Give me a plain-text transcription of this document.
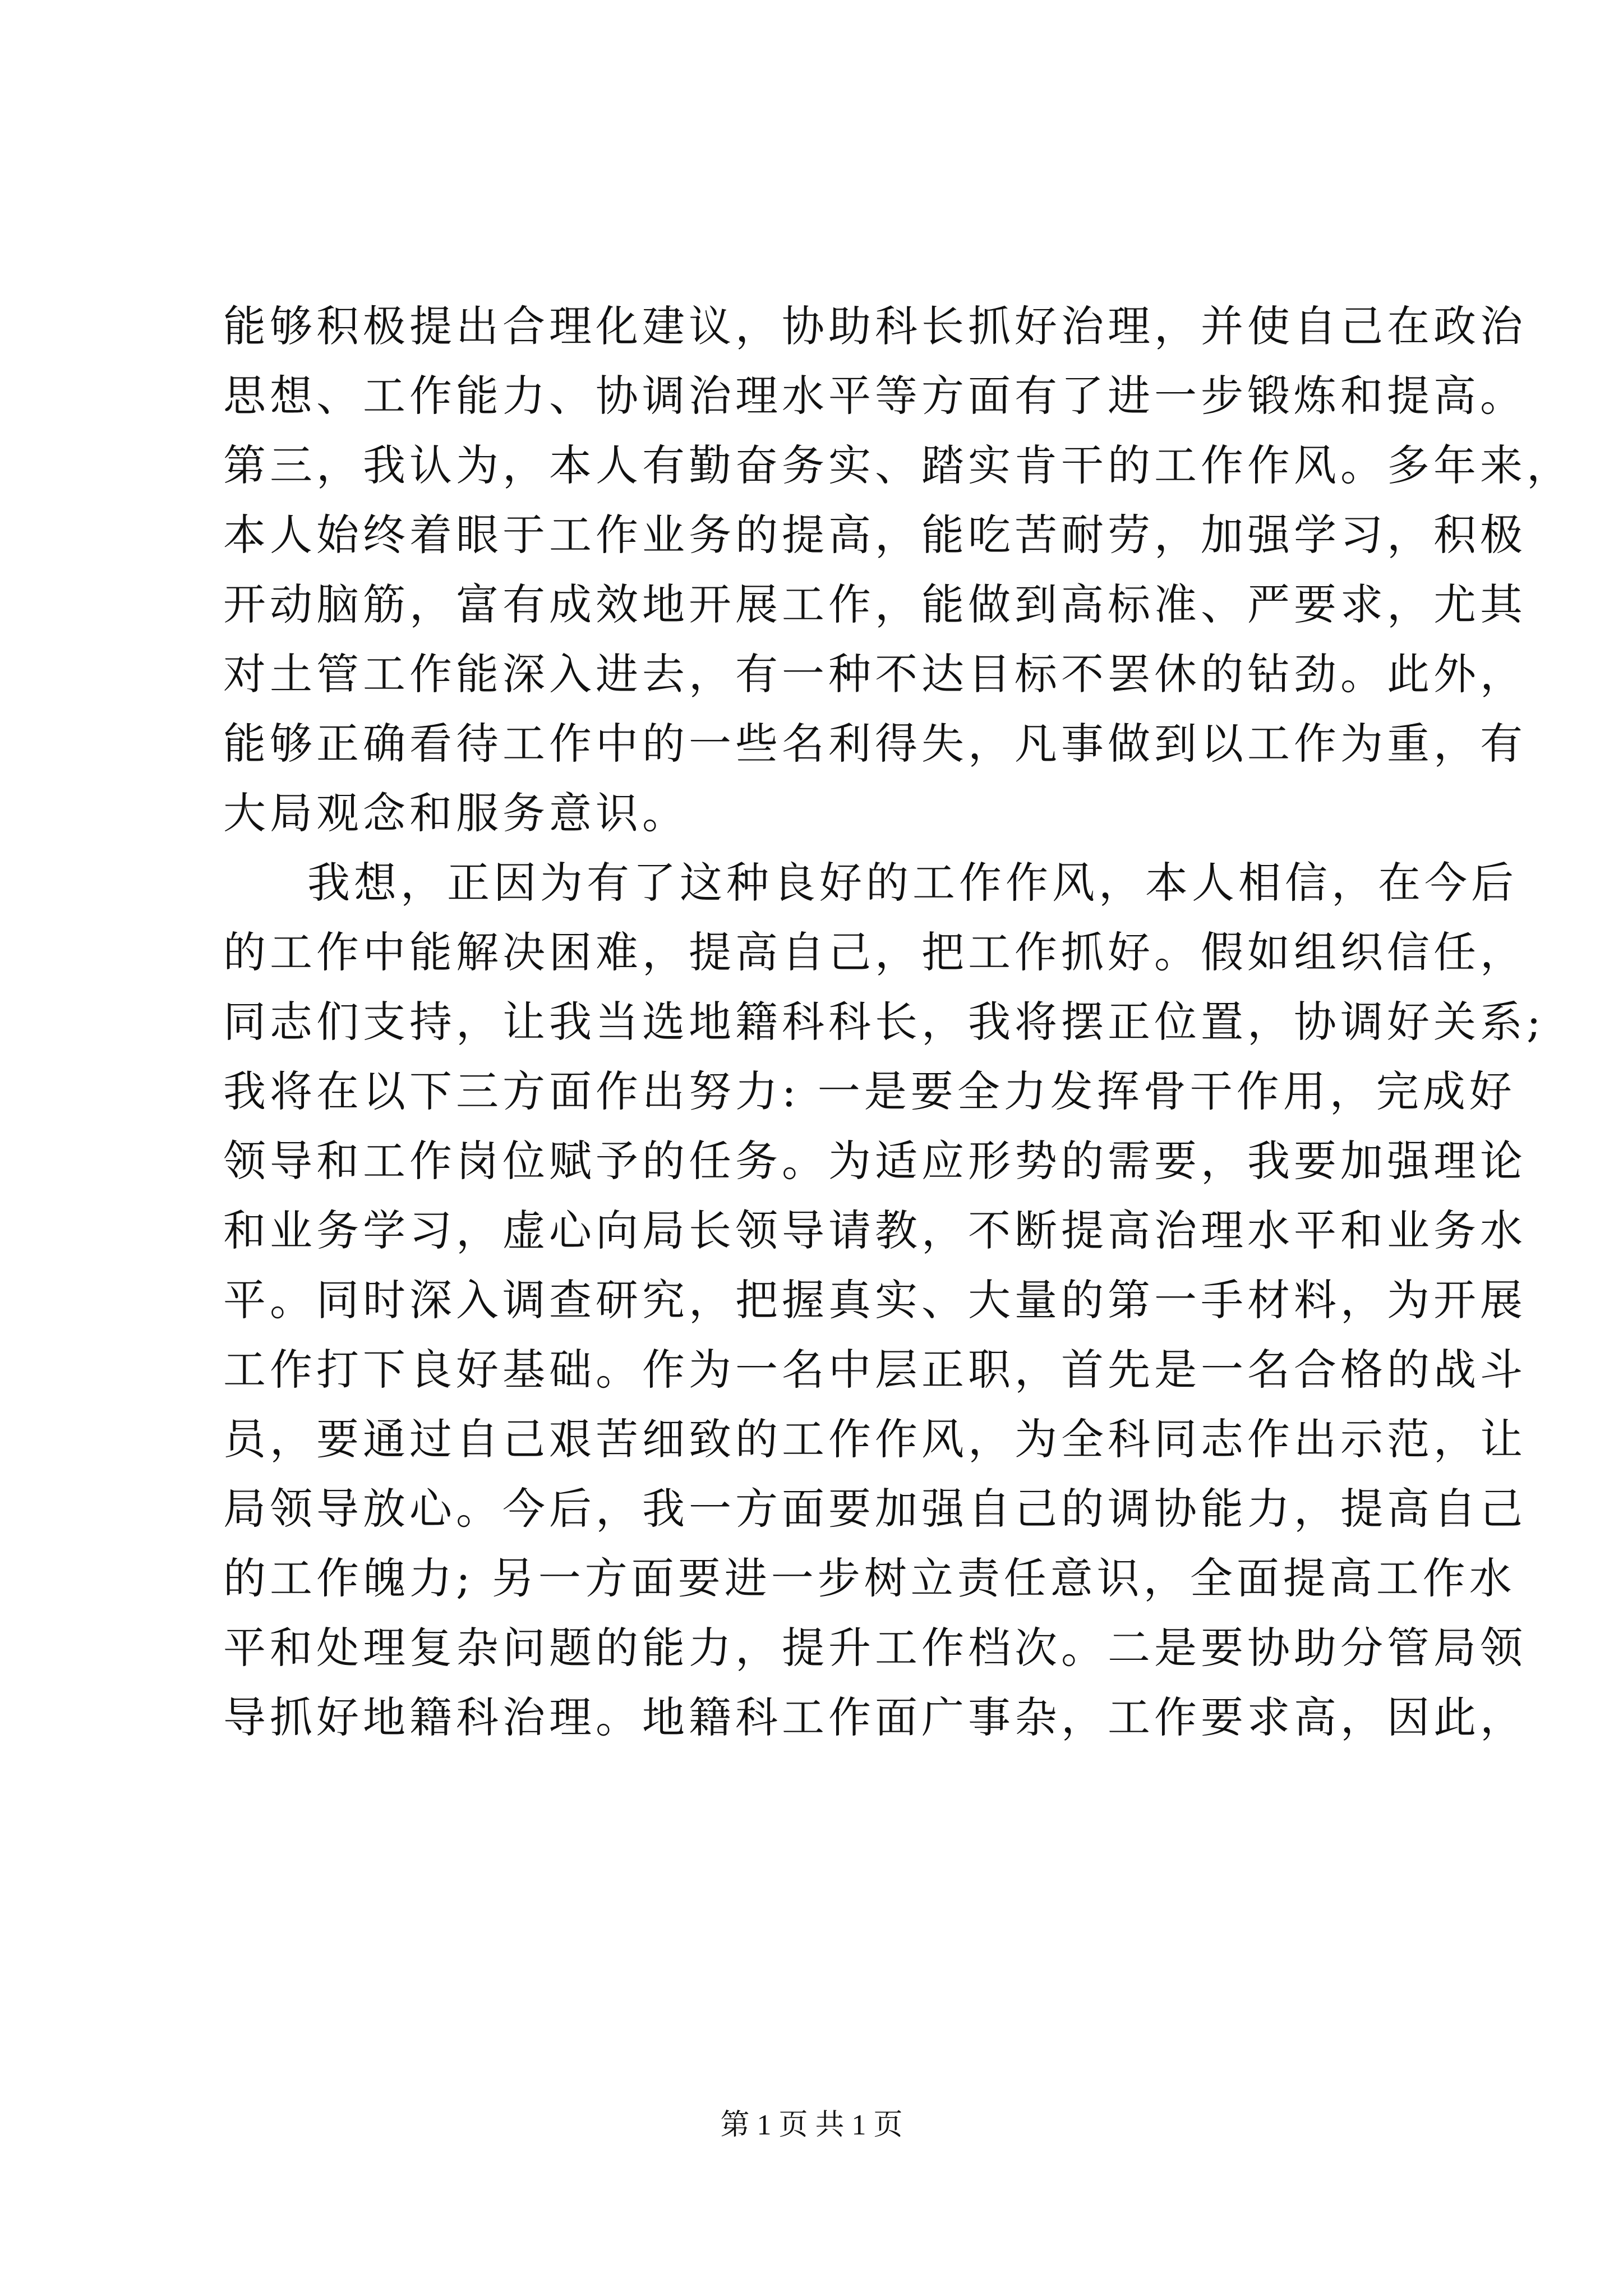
能够积极提出合理化建议，协助科长抓好治理，并使自己在政治
思想、工作能力、协调治理水平等方面有了进一步锻炼和提高。
第三，我认为，本人有勤奋务实、踏实肯干的工作作风。多年来，
本人始终着眼于工作业务的提高，能吃苦耐劳，加强学习，积极
开动脑筋，富有成效地开展工作，能做到高标准、严要求，尤其
对土管工作能深入进去，有一种不达目标不罢休的钻劲。此外，
能够正确看待工作中的一些名利得失，凡事做到以工作为重，有
大局观念和服务意识。
我想，正因为有了这种良好的工作作风，本人相信，在今后
的工作中能解决困难，提高自己，把工作抓好。假如组织信任，
同志们支持，让我当选地籍科科长，我将摆正位置，协调好关系;
我将在以下三方面作出努力: 一是要全力发挥骨干作用，完成好
领导和工作岗位赋予的任务。为适应形势的需要，我要加强理论
和业务学习，虚心向局长领导请教，不断提高治理水平和业务水
平。同时深入调查研究，把握真实、大量的第一手材料，为开展
工作打下良好基础。作为一名中层正职，首先是一名合格的战斗
员，要通过自己艰苦细致的工作作风，为全科同志作出示范，让
局领导放心。今后，我一方面要加强自己的调协能力，提高自己
的工作魄力; 另一方面要进一步树立责任意识，全面提高工作水
平和处理复杂问题的能力，提升工作档次。二是要协助分管局领
导抓好地籍科治理。地籍科工作面广事杂，工作要求高，因此，
第 1 页 共 1 页
